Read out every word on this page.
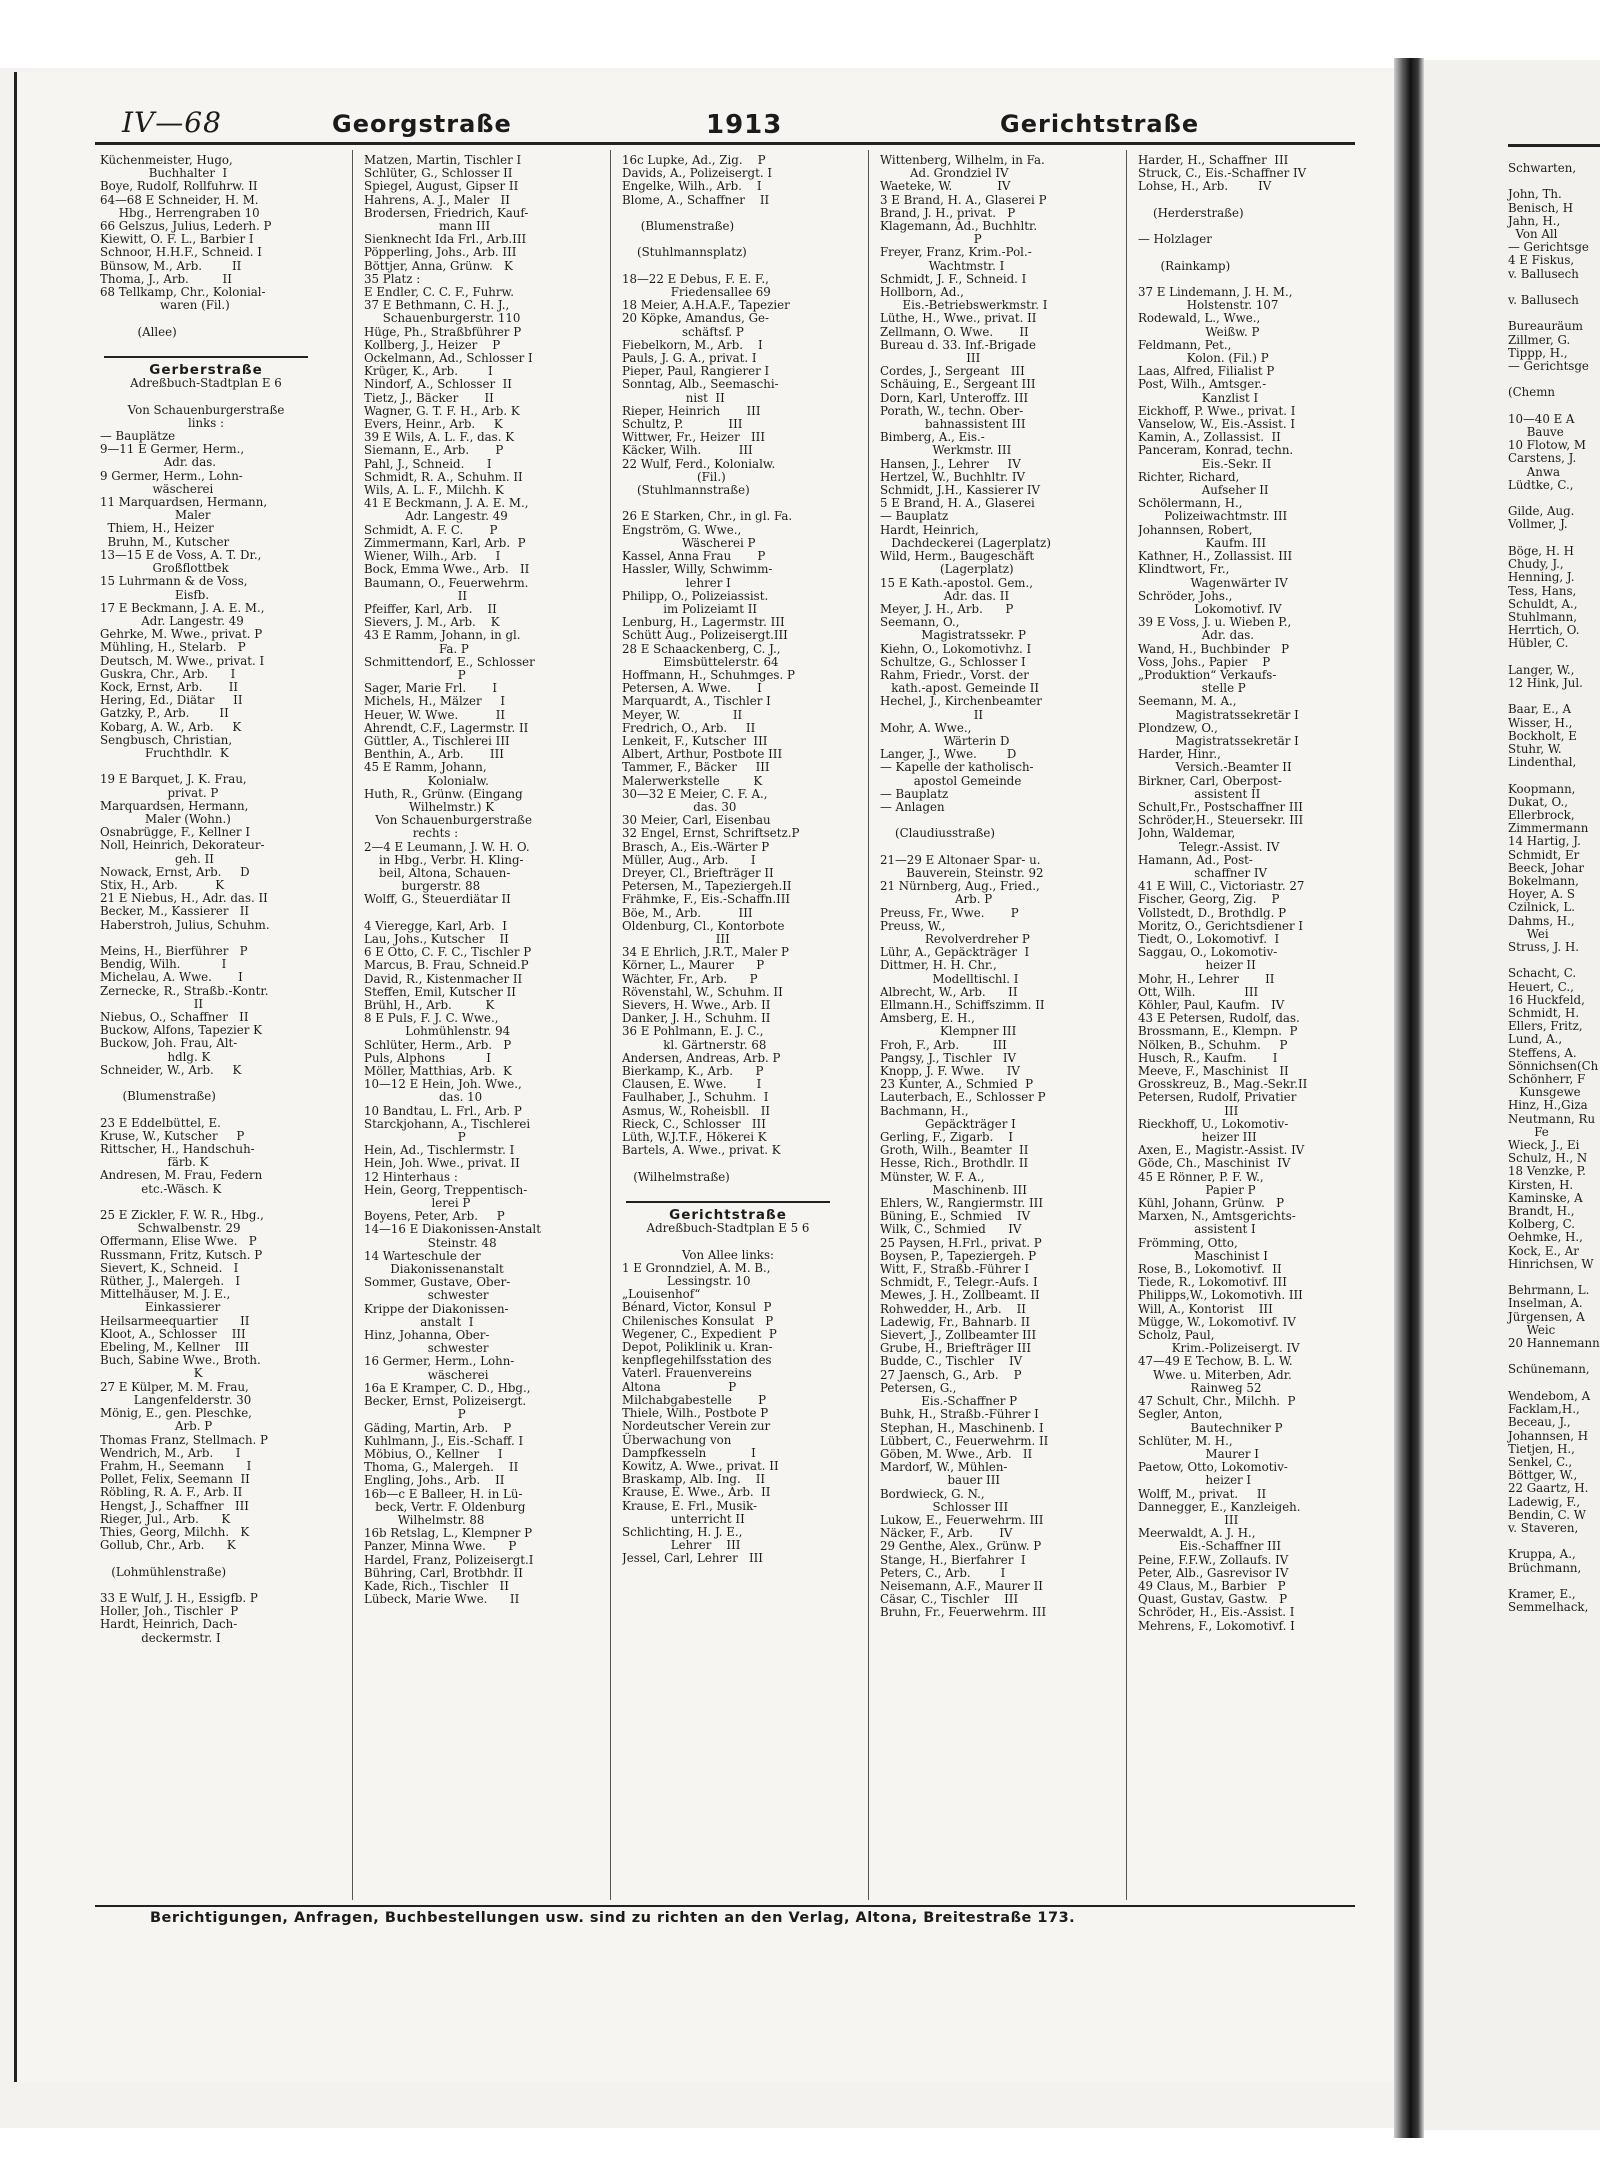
IV—68	Georgstraße	1913	Gerichtstraße
Küchenmeister, Hugo,
Buchhalter  I
Boye, Rudolf, Rollfuhrw. II
64—68 E Schneider, H. M.
Hbg., Herrengraben 10
66 Gelszus, Julius, Lederh. P
Kiewitt, O. F. L., Barbier I
Schnoor, H.H.F., Schneid. I
Bünsow, M., Arb.        II
Thoma, J., Arb.         II
68 Tellkamp, Chr., Kolonial-
waren (Fil.)

(Allee)

Gerberstraße
Adreßbuch-Stadtplan E 6

Von Schauenburgerstraße
links :
— Bauplätze
9—11 E Germer, Herm.,
Adr. das.
9 Germer, Herm., Lohn-
wäscherei
11 Marquardsen, Hermann,
Maler
Thiem, H., Heizer
Bruhn, M., Kutscher
13—15 E de Voss, A. T. Dr.,
Großflottbek
15 Luhrmann & de Voss,
Eisfb.
17 E Beckmann, J. A. E. M.,
Adr. Langestr. 49
Gehrke, M. Wwe., privat. P
Mühling, H., Stelarb.   P
Deutsch, M. Wwe., privat. I
Guskra, Chr., Arb.      I
Kock, Ernst, Arb.       II
Hering, Ed., Diätar     II
Gatzky, P., Arb.        II
Kobarg, A. W., Arb.     K
Sengbusch, Christian,
Fruchthdlr.  K

19 E Barquet, J. K. Frau,
privat. P
Marquardsen, Hermann,
Maler (Wohn.)
Osnabrügge, F., Kellner I
Noll, Heinrich, Dekorateur-
geh. II
Nowack, Ernst, Arb.     D
Stix, H., Arb.          K
21 E Niebus, H., Adr. das. II
Becker, M., Kassierer   II
Haberstroh, Julius, Schuhm.

Meins, H., Bierführer   P
Bendig, Wilh.           I
Michelau, A. Wwe.       I
Zernecke, R., Straßb.-Kontr.
II
Niebus, O., Schaffner   II
Buckow, Alfons, Tapezier K
Buckow, Joh. Frau, Alt-
hdlg. K
Schneider, W., Arb.     K

(Blumenstraße)

23 E Eddelbüttel, E.
Kruse, W., Kutscher     P
Rittscher, H., Handschuh-
färb. K
Andresen, M. Frau, Federn
etc.-Wäsch. K

25 E Zickler, F. W. R., Hbg.,
Schwalbenstr. 29
Offermann, Elise Wwe.   P
Russmann, Fritz, Kutsch. P
Sievert, K., Schneid.   I
Rüther, J., Malergeh.   I
Mittelhäuser, M. J. E.,
Einkassierer
Heilsarmeequartier      II
Kloot, A., Schlosser    III
Ebeling, M., Kellner    III
Buch, Sabine Wwe., Broth.
K
27 E Külper, M. M. Frau,
Langenfelderstr. 30
Mönig, E., gen. Pleschke,
Arb. P
Thomas Franz, Stellmach. P
Wendrich, M., Arb.      I
Frahm, H., Seemann      I
Pollet, Felix, Seemann  II
Röbling, R. A. F., Arb. II
Hengst, J., Schaffner   III
Rieger, Jul., Arb.      K
Thies, Georg, Milchh.   K
Gollub, Chr., Arb.      K

(Lohmühlenstraße)

33 E Wulf, J. H., Essigfb. P
Holler, Joh., Tischler  P
Hardt, Heinrich, Dach-
deckermstr. I
Matzen, Martin, Tischler I
Schlüter, G., Schlosser II
Spiegel, August, Gipser II
Hahrens, A. J., Maler   II
Brodersen, Friedrich, Kauf-
mann III
Sienknecht Ida Frl., Arb.III
Pöpperling, Johs., Arb. III
Böttjer, Anna, Grünw.   K
35 Platz :
E Endler, C. C. F., Fuhrw.
37 E Bethmann, C. H. J.,
Schauenburgerstr. 110
Hüge, Ph., Straßbführer P
Kollberg, J., Heizer    P
Ockelmann, Ad., Schlosser I
Krüger, K., Arb.        I
Nindorf, A., Schlosser  II
Tietz, J., Bäcker       II
Wagner, G. T. F. H., Arb. K
Evers, Heinr., Arb.     K
39 E Wils, A. L. F., das. K
Siemann, E., Arb.       P
Pahl, J., Schneid.      I
Schmidt, R. A., Schuhm. II
Wils, A. L. F., Milchh. K
41 E Beckmann, J. A. E. M.,
Adr. Langestr. 49
Schmidt, A. F. C.       P
Zimmermann, Karl, Arb.  P
Wiener, Wilh., Arb.     I
Bock, Emma Wwe., Arb.   II
Baumann, O., Feuerwehrm.
II
Pfeiffer, Karl, Arb.    II
Sievers, J. M., Arb.    K
43 E Ramm, Johann, in gl.
Fa. P
Schmittendorf, E., Schlosser
P
Sager, Marie Frl.       I
Michels, H., Mälzer     I
Heuer, W. Wwe.          II
Ahrendt, C.F., Lagermstr. II
Güttler, A., Tischlerei III
Benthin, A., Arb.       III
45 E Ramm, Johann,
Kolonialw.
Huth, R., Grünw. (Eingang
Wilhelmstr.) K
Von Schauenburgerstraße
rechts :
2—4 E Leumann, J. W. H. O.
in Hbg., Verbr. H. Kling-
beil, Altona, Schauen-
burgerstr. 88
Wolff, G., Steuerdiätar II

4 Vieregge, Karl, Arb.  I
Lau, Johs., Kutscher    II
6 E Otto, C. F. C., Tischler P
Marcus, B. Frau, Schneid.P
David, R., Kistenmacher II
Steffen, Emil, Kutscher II
Brühl, H., Arb.         K
8 E Puls, F. J. C. Wwe.,
Lohmühlenstr. 94
Schlüter, Herm., Arb.   P
Puls, Alphons           I
Möller, Matthias, Arb.  K
10—12 E Hein, Joh. Wwe.,
das. 10
10 Bandtau, L. Frl., Arb. P
Starckjohann, A., Tischlerei
P
Hein, Ad., Tischlermstr. I
Hein, Joh. Wwe., privat. II
12 Hinterhaus :
Hein, Georg, Treppentisch-
lerei P
Boyens, Peter, Arb.     P
14—16 E Diakonissen-Anstalt
Steinstr. 48
14 Warteschule der
Diakonissenanstalt
Sommer, Gustave, Ober-
schwester
Krippe der Diakonissen-
anstalt  I
Hinz, Johanna, Ober-
schwester
16 Germer, Herm., Lohn-
wäscherei
16a E Kramper, C. D., Hbg.,
Becker, Ernst, Polizeisergt.
P
Gäding, Martin, Arb.    P
Kuhlmann, J., Eis.-Schaff. I
Möbius, O., Kellner     I
Thoma, G., Malergeh.    II
Engling, Johs., Arb.    II
16b—c E Balleer, H. in Lü-
beck, Vertr. F. Oldenburg
Wilhelmstr. 88
16b Retslag, L., Klempner P
Panzer, Minna Wwe.      P
Hardel, Franz, Polizeisergt.I
Bühring, Carl, Brotbhdr. II
Kade, Rich., Tischler   II
Lübeck, Marie Wwe.      II
16c Lupke, Ad., Zig.    P
Davids, A., Polizeisergt. I
Engelke, Wilh., Arb.    I
Blome, A., Schaffner    II

(Blumenstraße)

(Stuhlmannsplatz)

18—22 E Debus, F. E. F.,
Friedensallee 69
18 Meier, A.H.A.F., Tapezier
20 Köpke, Amandus, Ge-
schäftsf. P
Fiebelkorn, M., Arb.    I
Pauls, J. G. A., privat. I
Pieper, Paul, Rangierer I
Sonntag, Alb., Seemaschi-
nist  II
Rieper, Heinrich       III
Schultz, P.            III
Wittwer, Fr., Heizer   III
Käcker, Wilh.          III
22 Wulf, Ferd., Kolonialw.
(Fil.)
(Stuhlmannstraße)

26 E Starken, Chr., in gl. Fa.
Engström, G. Wwe.,
Wäscherei P
Kassel, Anna Frau       P
Hassler, Willy, Schwimm-
lehrer I
Philipp, O., Polizeiassist.
im Polizeiamt II
Lenburg, H., Lagermstr. III
Schütt Aug., Polizeisergt.III
28 E Schaackenberg, C. J.,
Eimsbüttelerstr. 64
Hoffmann, H., Schuhmges. P
Petersen, A. Wwe.       I
Marquardt, A., Tischler I
Meyer, W.              II
Fredrich, O., Arb.     II
Lenkeit, F., Kutscher  III
Albert, Arthur, Postbote III
Tammer, F., Bäcker     III
Malerwerkstelle         K
30—32 E Meier, C. F. A.,
das. 30
30 Meier, Carl, Eisenbau
32 Engel, Ernst, Schriftsetz.P
Brasch, A., Eis.-Wärter P
Müller, Aug., Arb.      I
Dreyer, Cl., Briefträger II
Petersen, M., Tapeziergeh.II
Frähmke, F., Eis.-Schaffn.III
Böe, M., Arb.          III
Oldenburg, Cl., Kontorbote
III
34 E Ehrlich, J.R.T., Maler P
Körner, L., Maurer      P
Wächter, Fr., Arb.      P
Rövenstahl, W., Schuhm. II
Sievers, H. Wwe., Arb. II
Danker, J. H., Schuhm. II
36 E Pohlmann, E. J. C.,
kl. Gärtnerstr. 68
Andersen, Andreas, Arb. P
Bierkamp, K., Arb.      P
Clausen, E. Wwe.        I
Faulhaber, J., Schuhm.  I
Asmus, W., Roheisbll.   II
Rieck, C., Schlosser   III
Lüth, W.J.T.F., Hökerei K
Bartels, A. Wwe., privat. K

(Wilhelmstraße)

Gerichtstraße
Adreßbuch-Stadtplan E 5 6

Von Allee links:
1 E Gronndziel, A. M. B.,
Lessingstr. 10
„Louisenhof“
Bénard, Victor, Konsul  P
Chilenisches Konsulat   P
Wegener, C., Expedient  P
Depot, Poliklinik u. Kran-
kenpflegehilfsstation des
Vaterl. Frauenvereins
Altona                  P
Milchabgabestelle       P
Thiele, Wilh., Postbote P
Nordeutscher Verein zur
Überwachung von
Dampfkesseln            I
Kowitz, A. Wwe., privat. II
Braskamp, Alb. Ing.    II
Krause, E. Wwe., Arb.  II
Krause, E. Frl., Musik-
unterricht II
Schlichting, H. J. E.,
Lehrer    III
Jessel, Carl, Lehrer   III
Wittenberg, Wilhelm, in Fa.
Ad. Grondziel IV
Waeteke, W.            IV
3 E Brand, H. A., Glaserei P
Brand, J. H., privat.   P
Klagemann, Ad., Buchhltr.
P
Freyer, Franz, Krim.-Pol.-
Wachtmstr. I
Schmidt, J. F., Schneid. I
Hollborn, Ad.,
Eis.-Betriebswerkmstr. I
Lüthe, H., Wwe., privat. II
Zellmann, O. Wwe.       II
Bureau d. 33. Inf.-Brigade
III
Cordes, J., Sergeant   III
Schäuing, E., Sergeant III
Dorn, Karl, Unteroffz. III
Porath, W., techn. Ober-
bahnassistent III
Bimberg, A., Eis.-
Werkmstr. III
Hansen, J., Lehrer     IV
Hertzel, W., Buchhltr. IV
Schmidt, J.H., Kassierer IV
5 E Brand, H. A., Glaserei
— Bauplatz
Hardt, Heinrich,
Dachdeckerei (Lagerplatz)
Wild, Herm., Baugeschäft
(Lagerplatz)
15 E Kath.-apostol. Gem.,
Adr. das. II
Meyer, J. H., Arb.      P
Seemann, O.,
Magistratssekr. P
Kiehn, O., Lokomotivhz. I
Schultze, G., Schlosser I
Rahm, Friedr., Vorst. der
kath.-apost. Gemeinde II
Hechel, J., Kirchenbeamter
II
Mohr, A. Wwe.,
Wärterin D
Langer, J., Wwe.        D
— Kapelle der katholisch-
apostol Gemeinde
— Bauplatz
— Anlagen

(Claudiusstraße)

21—29 E Altonaer Spar- u.
Bauverein, Steinstr. 92
21 Nürnberg, Aug., Fried.,
Arb. P
Preuss, Fr., Wwe.       P
Preuss, W.,
Revolverdreher P
Lühr, A., Gepäckträger  I
Dittmer, H. H. Chr.,
Modelltischl. I
Albrecht, W., Arb.      II
Ellmann.H., Schiffszimm. II
Amsberg, E. H.,
Klempner III
Froh, F., Arb.         III
Pangsy, J., Tischler   IV
Knopp, J. F. Wwe.      IV
23 Kunter, A., Schmied  P
Lauterbach, E., Schlosser P
Bachmann, H.,
Gepäckträger I
Gerling, F., Zigarb.    I
Groth, Wilh., Beamter  II
Hesse, Rich., Brothdlr. II
Münster, W. F. A.,
Maschinenb. III
Ehlers, W., Rangiermstr. III
Büning, E., Schmied    IV
Wilk, C., Schmied      IV
25 Paysen, H.Frl., privat. P
Boysen, P., Tapeziergeh. P
Witt, F., Straßb.-Führer I
Schmidt, F., Telegr.-Aufs. I
Mewes, J. H., Zollbeamt. II
Rohwedder, H., Arb.    II
Ladewig, Fr., Bahnarb. II
Sievert, J., Zollbeamter III
Grube, H., Briefträger III
Budde, C., Tischler    IV
27 Jaensch, G., Arb.    P
Petersen, G.,
Eis.-Schaffner P
Buhk, H., Straßb.-Führer I
Stephan, H., Maschinenb. I
Lübbert, C., Feuerwehrm. II
Göben, M. Wwe., Arb.   II
Mardorf, W., Mühlen-
bauer III
Bordwieck, G. N.,
Schlosser III
Lukow, E., Feuerwehrm. III
Näcker, F., Arb.       IV
29 Genthe, Alex., Grünw. P
Stange, H., Bierfahrer  I
Peters, C., Arb.        I
Neisemann, A.F., Maurer II
Cäsar, C., Tischler    III
Bruhn, Fr., Feuerwehrm. III
Harder, H., Schaffner  III
Struck, C., Eis.-Schaffner IV
Lohse, H., Arb.        IV

(Herderstraße)

— Holzlager

(Rainkamp)

37 E Lindemann, J. H. M.,
Holstenstr. 107
Rodewald, L., Wwe.,
Weißw. P
Feldmann, Pet.,
Kolon. (Fil.) P
Laas, Alfred, Filialist P
Post, Wilh., Amtsger.-
Kanzlist I
Eickhoff, P. Wwe., privat. I
Vanselow, W., Eis.-Assist. I
Kamin, A., Zollassist.  II
Panceram, Konrad, techn.
Eis.-Sekr. II
Richter, Richard,
Aufseher II
Schölermann, H.,
Polizeiwachtmstr. III
Johannsen, Robert,
Kaufm. III
Kathner, H., Zollassist. III
Klindtwort, Fr.,
Wagenwärter IV
Schröder, Johs.,
Lokomotivf. IV
39 E Voss, J. u. Wieben P.,
Adr. das.
Wand, H., Buchbinder   P
Voss, Johs., Papier    P
„Produktion“ Verkaufs-
stelle P
Seemann, M. A.,
Magistratssekretär I
Plondzew, O.,
Magistratssekretär I
Harder, Hinr.,
Versich.-Beamter II
Birkner, Carl, Oberpost-
assistent II
Schult,Fr., Postschaffner III
Schröder,H., Steuersekr. III
John, Waldemar,
Telegr.-Assist. IV
Hamann, Ad., Post-
schaffner IV
41 E Will, C., Victoriastr. 27
Fischer, Georg, Zig.    P
Vollstedt, D., Brothdlg. P
Moritz, O., Gerichtsdiener I
Tiedt, O., Lokomotivf.  I
Saggau, O., Lokomotiv-
heizer II
Mohr, H., Lehrer       II
Ott, Wilh.             III
Köhler, Paul, Kaufm.   IV
43 E Petersen, Rudolf, das.
Brossmann, E., Klempn.  P
Nölken, B., Schuhm.     P
Husch, R., Kaufm.       I
Meeve, F., Maschinist   II
Grosskreuz, B., Mag.-Sekr.II
Petersen, Rudolf, Privatier
III
Rieckhoff, U., Lokomotiv-
heizer III
Axen, E., Magistr.-Assist. IV
Göde, Ch., Maschinist  IV
45 E Rönner, P. F. W.,
Papier P
Kühl, Johann, Grünw.   P
Marxen, N., Amtsgerichts-
assistent I
Frömming, Otto,
Maschinist I
Rose, B., Lokomotivf.  II
Tiede, R., Lokomotivf. III
Philipps,W., Lokomotivh. III
Will, A., Kontorist    III
Mügge, W., Lokomotivf. IV
Scholz, Paul,
Krim.-Polizeisergt. IV
47—49 E Techow, B. L. W.
Wwe. u. Miterben, Adr.
Rainweg 52
47 Schult, Chr., Milchh.  P
Segler, Anton,
Bautechniker P
Schlüter, M. H.,
Maurer I
Paetow, Otto, Lokomotiv-
heizer I
Wolff, M., privat.     II
Dannegger, E., Kanzleigeh.
III
Meerwaldt, A. J. H.,
Eis.-Schaffner III
Peine, F.F.W., Zollaufs. IV
Peter, Alb., Gasrevisor IV
49 Claus, M., Barbier   P
Quast, Gustav, Gastw.   P
Schröder, H., Eis.-Assist. I
Mehrens, F., Lokomotivf. I
Berichtigungen, Anfragen, Buchbestellungen usw. sind zu richten an den Verlag, Altona, Breitestraße 173.
Schwarten,

John, Th.
Benisch, H
Jahn, H.,
Von All
— Gerichtsge
4 E Fiskus,
v. Ballusech

v. Ballusech

Bureauräum
Zillmer, G.
Tippp, H.,
— Gerichtsge

(Chemn

10—40 E A
Bauve
10 Flotow, M
Carstens, J.
Anwa
Lüdtke, C.,

Gilde, Aug.
Vollmer, J.

Böge, H. H
Chudy, J.,
Henning, J.
Tess, Hans,
Schuldt, A.,
Stuhlmann,
Herrtich, O.
Hübler, C.

Langer, W.,
12 Hink, Jul.

Baar, E., A
Wisser, H.,
Bockholt, E
Stuhr, W.
Lindenthal,

Koopmann,
Dukat, O.,
Ellerbrock,
Zimmermann
14 Hartig, J.
Schmidt, Er
Beeck, Johar
Bokelmann,
Hoyer, A. S
Czilnick, L.
Dahms, H.,
Wei
Struss, J. H.

Schacht, C.
Heuert, C.,
16 Huckfeld,
Schmidt, H.
Ellers, Fritz,
Lund, A.,
Steffens, A.
Sönnichsen(Ch
Schönherr, F
Kunsgewe
Hinz, H.,Giza
Neutmann, Ru
Fe
Wieck, J., Ei
Schulz, H., N
18 Venzke, P.
Kirsten, H.
Kaminske, A
Brandt, H.,
Kolberg, C.
Oehmke, H.,
Kock, E., Ar
Hinrichsen, W

Behrmann, L.
Inselman, A.
Jürgensen, A
Weic
20 Hannemann

Schünemann,

Wendebom, A
Facklam,H.,
Beceau, J.,
Johannsen, H
Tietjen, H.,
Senkel, C.,
Böttger, W.,
22 Gaartz, H.
Ladewig, F.,
Bendin, C. W
v. Staveren,

Kruppa, A.,
Brüchmann,

Kramer, E.,
Semmelhack,
